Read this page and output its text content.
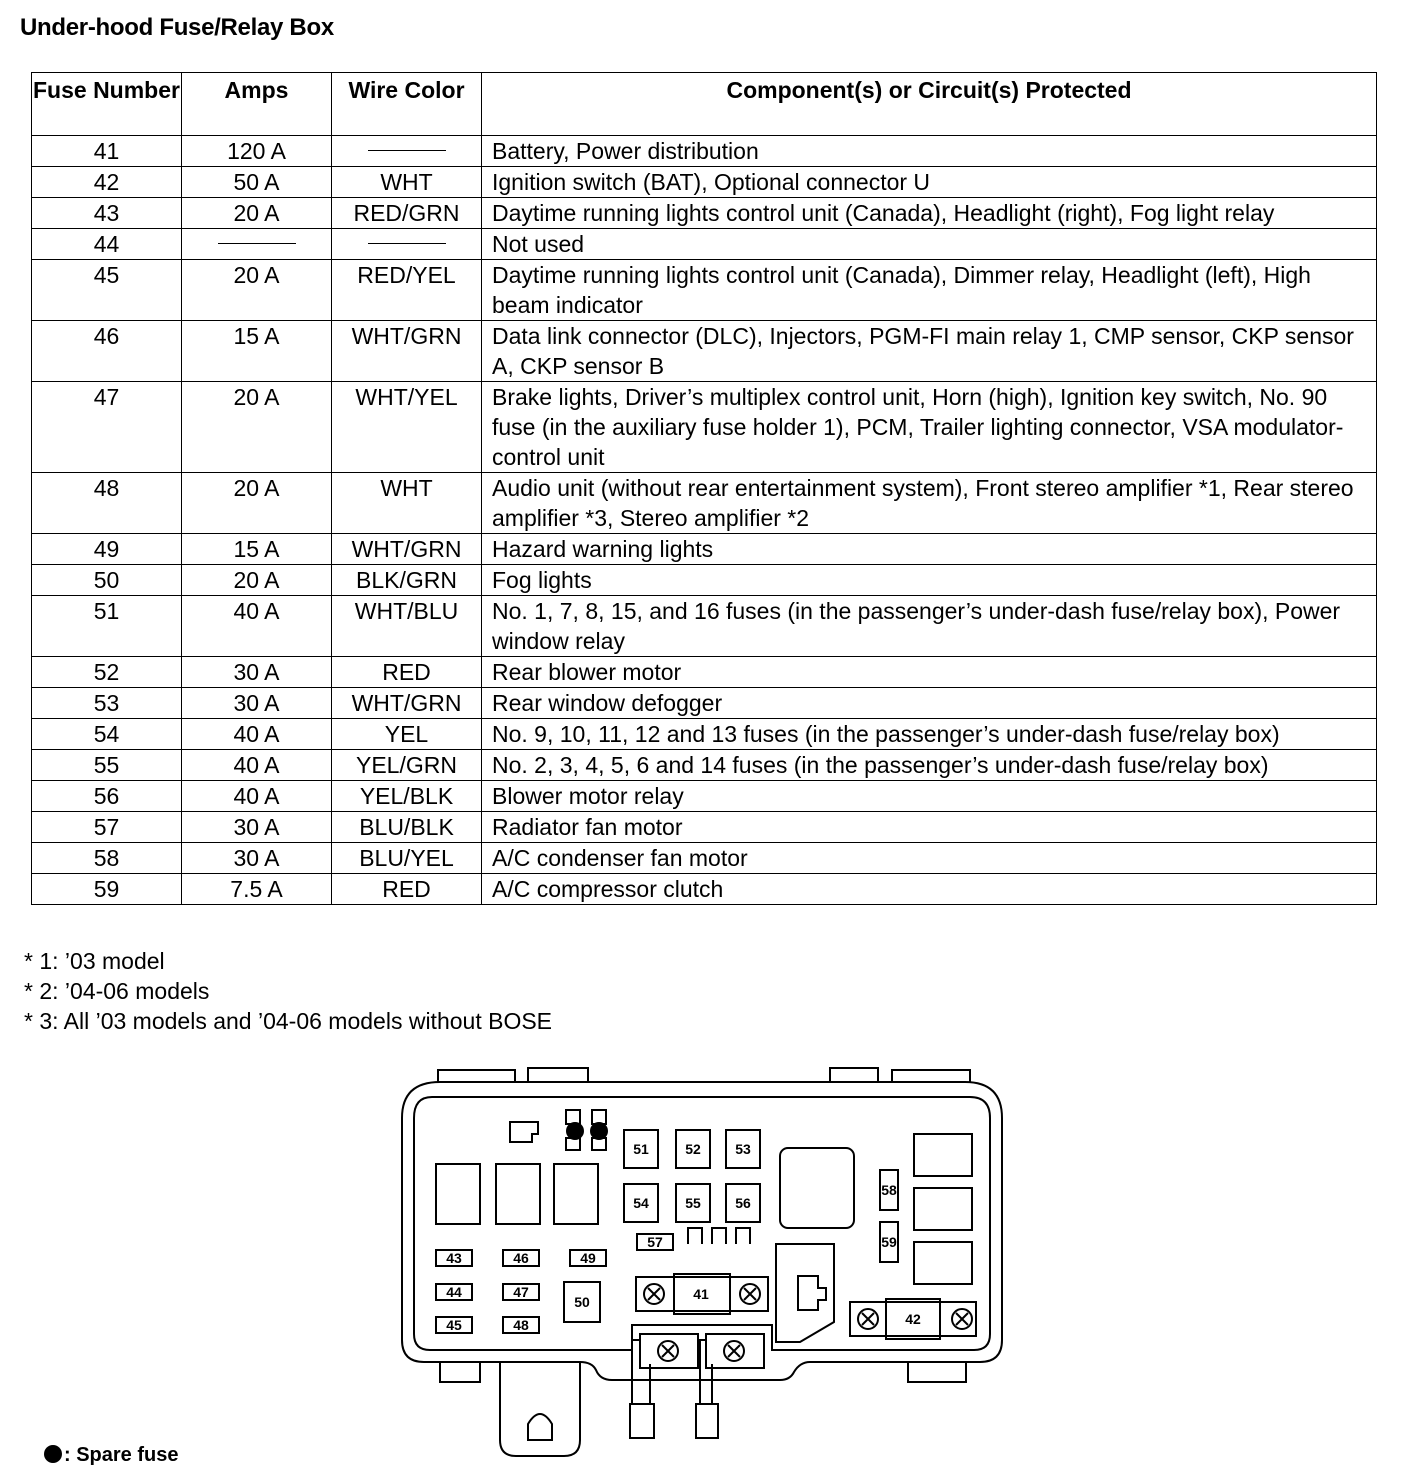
Under-hood Fuse/Relay Box
Fuse Number	Amps	Wire Color	Component(s) or Circuit(s) Protected
41	120 A		Battery, Power distribution
42	50 A	WHT	Ignition switch (BAT), Optional connector U
43	20 A	RED/GRN	Daytime running lights control unit (Canada), Headlight (right), Fog light relay
44			Not used
45	20 A	RED/YEL	Daytime running lights control unit (Canada), Dimmer relay, Headlight (left), High beam indicator
46	15 A	WHT/GRN	Data link connector (DLC), Injectors, PGM-FI main relay 1, CMP sensor, CKP sensor A, CKP sensor B
47	20 A	WHT/YEL	Brake lights, Driver’s multiplex control unit, Horn (high), Ignition key switch, No. 90 fuse (in the auxiliary fuse holder 1), PCM, Trailer lighting connector, VSA modulator-control unit
48	20 A	WHT	Audio unit (without rear entertainment system), Front stereo amplifier *1, Rear stereo amplifier *3, Stereo amplifier *2
49	15 A	WHT/GRN	Hazard warning lights
50	20 A	BLK/GRN	Fog lights
51	40 A	WHT/BLU	No. 1, 7, 8, 15, and 16 fuses (in the passenger’s under-dash fuse/relay box), Power window relay
52	30 A	RED	Rear blower motor
53	30 A	WHT/GRN	Rear window defogger
54	40 A	YEL	No. 9, 10, 11, 12 and 13 fuses (in the passenger’s under-dash fuse/relay box)
55	40 A	YEL/GRN	No. 2, 3, 4, 5, 6 and 14 fuses (in the passenger’s under-dash fuse/relay box)
56	40 A	YEL/BLK	Blower motor relay
57	30 A	BLU/BLK	Radiator fan motor
58	30 A	BLU/YEL	A/C condenser fan motor
59	7.5 A	RED	A/C compressor clutch
* 1: ’03 model
* 2: ’04-06 models
* 3: All ’03 models and ’04-06 models without BOSE
51	52 53
54	55 56
43
44
45
46
47
48
49
50
57
58
59
41
42
: Spare fuse
